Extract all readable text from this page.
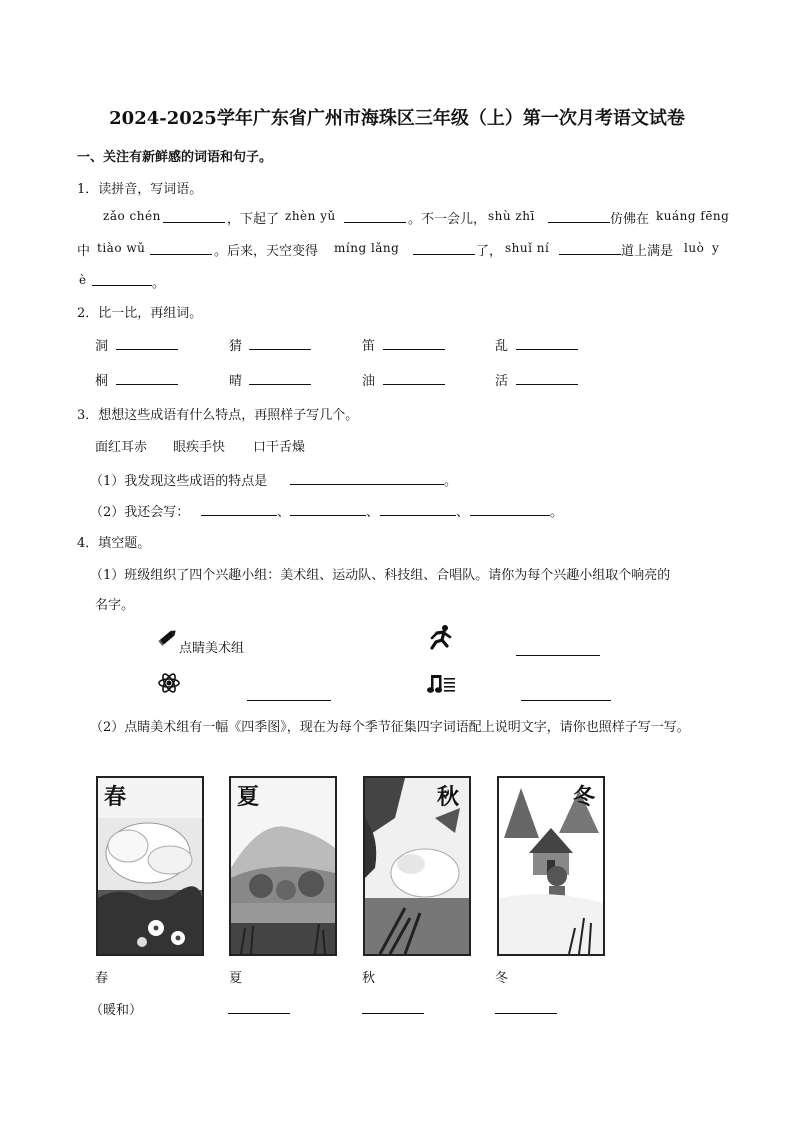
2024-2025学年广东省广州市海珠区三年级（上）第一次月考语文试卷
一、关注有新鲜感的词语和句子。
1．读拼音，写词语。
zǎo chén	，下起了 zhèn yǔ	。不一会儿， shù zhī	仿佛在 kuáng fēng
中 tiào wǔ	。后来，天空变得 míng lǎng	了， shuǐ ní	道上满是 luò y
è	。
2．比一比，再组词。
洞	猜	笛	乱
桐	晴	油	活
3．想想这些成语有什么特点，再照样子写几个。
面红耳赤 眼疾手快 口干舌燥
（1）我发现这些成语的特点是	。
（2）我还会写：	、	、	、	。
4．填空题。
（1）班级组织了四个兴趣小组：美术组、运动队、科技组、合唱队。请你为每个兴趣小组取个响亮的
名字。
点睛美术组
（2）点睛美术组有一幅《四季图》，现在为每个季节征集四字词语配上说明文字，请你也照样子写一写。
春	夏	秋	冬
春	夏	秋	冬
（暖和）
